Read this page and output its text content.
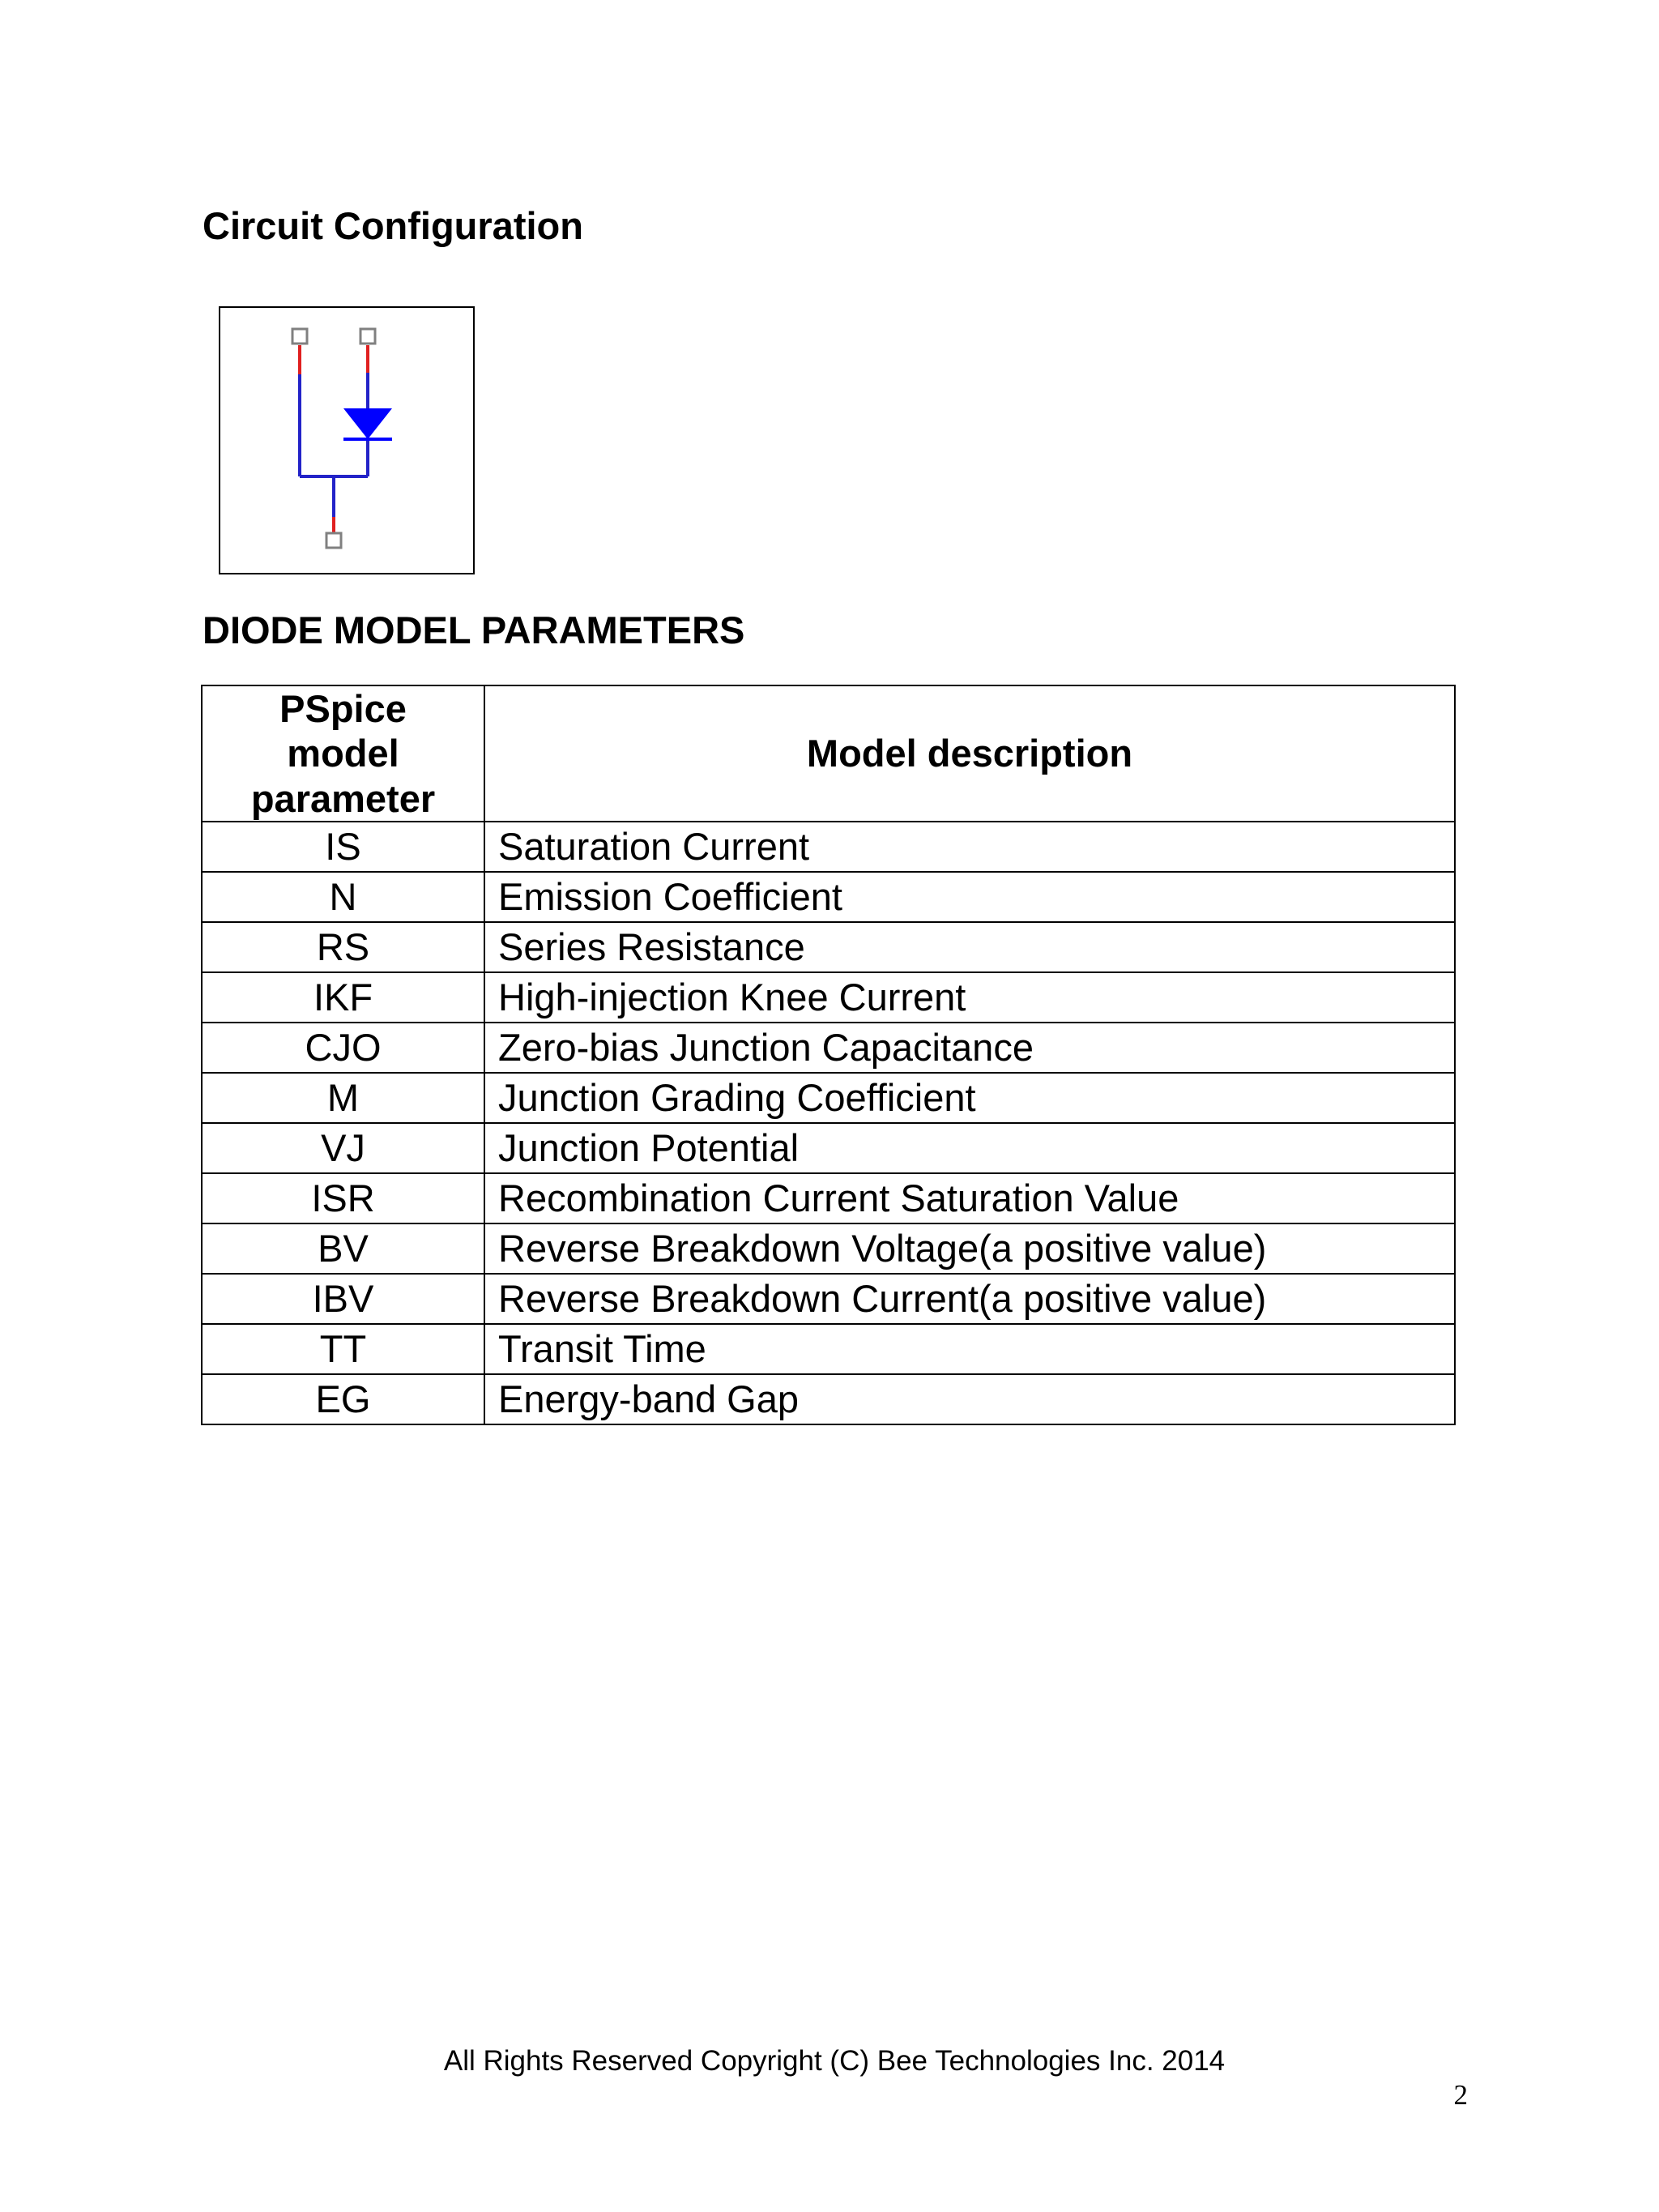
Circuit Configuration
DIODE MODEL PARAMETERS
PSpice model parameter	Model description
IS	Saturation Current
N	Emission Coefficient
RS	Series Resistance
IKF	High-injection Knee Current
CJO	Zero-bias Junction Capacitance
M	Junction Grading Coefficient
VJ	Junction Potential
ISR	Recombination Current Saturation Value
BV	Reverse Breakdown Voltage(a positive value)
IBV	Reverse Breakdown Current(a positive value)
TT	Transit Time
EG	Energy-band Gap
All Rights Reserved Copyright (C) Bee Technologies Inc. 2014
2
